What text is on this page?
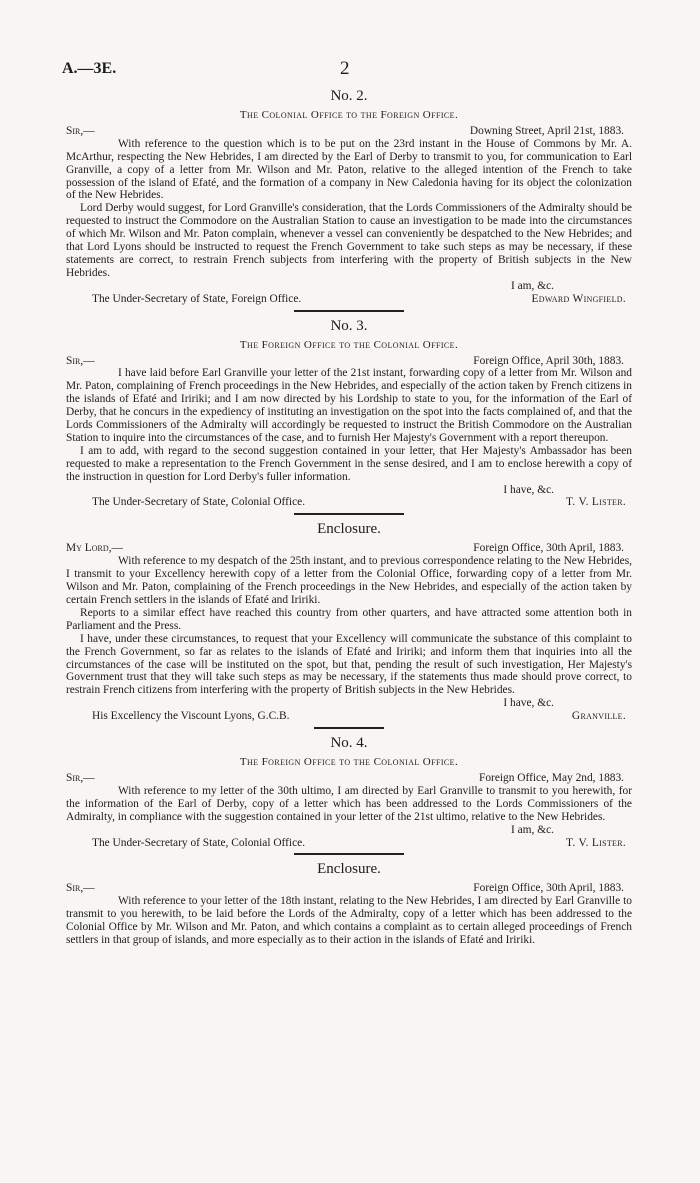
A.—3E.	2
No. 2.
The Colonial Office to the Foreign Office.
Sir,—	Downing Street, April 21st, 1883.

With reference to the question which is to be put on the 23rd instant in the House of Commons by Mr. A. McArthur, respecting the New Hebrides, I am directed by the Earl of Derby to transmit to you, for communication to Earl Granville, a copy of a letter from Mr. Wilson and Mr. Paton, relative to the alleged intention of the French to take possession of the island of Efaté, and the formation of a company in New Caledonia having for its object the colonization of the New Hebrides.

Lord Derby would suggest, for Lord Granville's consideration, that the Lords Commissioners of the Admiralty should be requested to instruct the Commodore on the Australian Station to cause an investigation to be made into the circumstances of which Mr. Wilson and Mr. Paton complain, whenever a vessel can conveniently be despatched to the New Hebrides; and that Lord Lyons should be instructed to request the French Government to take such steps as may be necessary, if these statements are correct, to restrain French subjects from interfering with the property of British subjects in the New Hebrides.

I am, &c.
The Under-Secretary of State, Foreign Office.	Edward Wingfield.
No. 3.
The Foreign Office to the Colonial Office.
Sir,—	Foreign Office, April 30th, 1883.

I have laid before Earl Granville your letter of the 21st instant, forwarding copy of a letter from Mr. Wilson and Mr. Paton, complaining of French proceedings in the New Hebrides, and especially of the action taken by French citizens in the islands of Efaté and Iririki; and I am now directed by his Lordship to state to you, for the information of the Earl of Derby, that he concurs in the expediency of instituting an investigation on the spot into the facts complained of, and that the Lords Commissioners of the Admiralty will accordingly be requested to instruct the British Commodore on the Australian Station to inquire into the circumstances of the case, and to furnish Her Majesty's Government with a report thereupon.

I am to add, with regard to the second suggestion contained in your letter, that Her Majesty's Ambassador has been requested to make a representation to the French Government in the sense desired, and I am to enclose herewith a copy of the instruction in question for Lord Derby's fuller information.

I have, &c.
The Under-Secretary of State, Colonial Office.	T. V. Lister.
Enclosure.
My Lord,—	Foreign Office, 30th April, 1883.

With reference to my despatch of the 25th instant, and to previous correspondence relating to the New Hebrides, I transmit to your Excellency herewith copy of a letter from the Colonial Office, forwarding copy of a letter from Mr. Wilson and Mr. Paton, complaining of the French proceedings in the New Hebrides, and especially of the action taken by certain French settlers in the islands of Efaté and Iririki.

Reports to a similar effect have reached this country from other quarters, and have attracted some attention both in Parliament and the Press.

I have, under these circumstances, to request that your Excellency will communicate the substance of this complaint to the French Government, so far as relates to the islands of Efaté and Iririki; and inform them that inquiries into all the circumstances of the case will be instituted on the spot, but that, pending the result of such investigation, Her Majesty's Government trust that they will take such steps as may be necessary, if the statements thus made should prove correct, to restrain French citizens from interfering with the property of British subjects in the New Hebrides.

I have, &c.
His Excellency the Viscount Lyons, G.C.B.	Granville.
No. 4.
The Foreign Office to the Colonial Office.
Sir,—	Foreign Office, May 2nd, 1883.

With reference to my letter of the 30th ultimo, I am directed by Earl Granville to transmit to you herewith, for the information of the Earl of Derby, copy of a letter which has been addressed to the Lords Commissioners of the Admiralty, in compliance with the suggestion contained in your letter of the 21st ultimo, relative to the New Hebrides.

I am, &c.
The Under-Secretary of State, Colonial Office.	T. V. Lister.
Enclosure.
Sir,—	Foreign Office, 30th April, 1883.

With reference to your letter of the 18th instant, relating to the New Hebrides, I am directed by Earl Granville to transmit to you herewith, to be laid before the Lords of the Admiralty, copy of a letter which has been addressed to the Colonial Office by Mr. Wilson and Mr. Paton, and which contains a complaint as to certain alleged proceedings of French settlers in that group of islands, and more especially as to their action in the islands of Efaté and Iririki.
